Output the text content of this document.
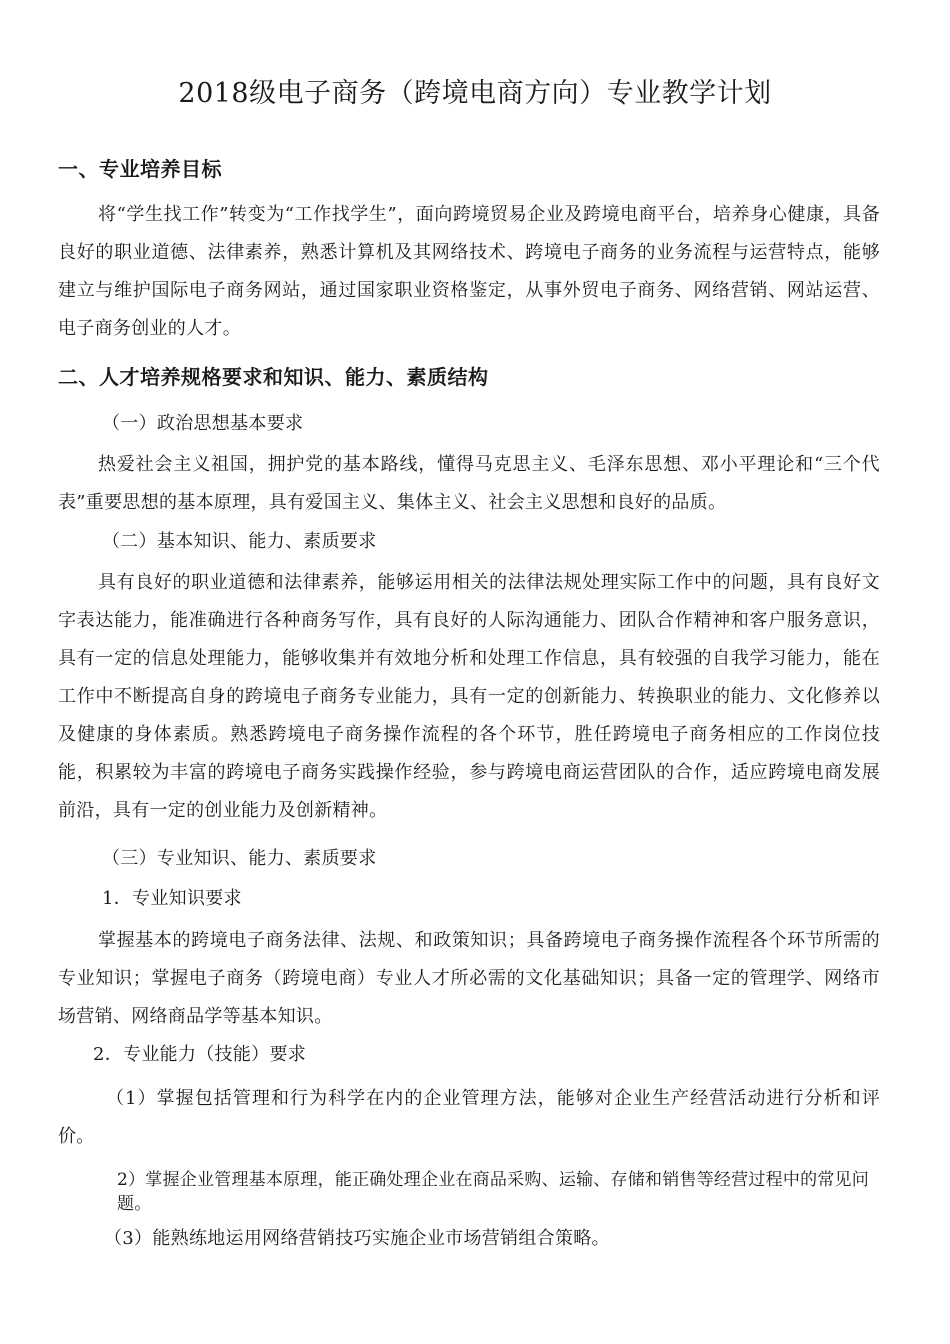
2018级电子商务（跨境电商方向）专业教学计划
一、专业培养目标

将“学生找工作”转变为“工作找学生”，面向跨境贸易企业及跨境电商平台，培养身心健康，具备良好的职业道德、法律素养，熟悉计算机及其网络技术、跨境电子商务的业务流程与运营特点，能够建立与维护国际电子商务网站，通过国家职业资格鉴定，从事外贸电子商务、网络营销、网站运营、电子商务创业的人才。

二、人才培养规格要求和知识、能力、素质结构

（一）政治思想基本要求

热爱社会主义祖国，拥护党的基本路线，懂得马克思主义、毛泽东思想、邓小平理论和“三个代表”重要思想的基本原理，具有爱国主义、集体主义、社会主义思想和良好的品质。

（二）基本知识、能力、素质要求

具有良好的职业道德和法律素养，能够运用相关的法律法规处理实际工作中的问题，具有良好文字表达能力，能准确进行各种商务写作，具有良好的人际沟通能力、团队合作精神和客户服务意识，具有一定的信息处理能力，能够收集并有效地分析和处理工作信息，具有较强的自我学习能力，能在工作中不断提高自身的跨境电子商务专业能力，具有一定的创新能力、转换职业的能力、文化修养以及健康的身体素质。熟悉跨境电子商务操作流程的各个环节，胜任跨境电子商务相应的工作岗位技能，积累较为丰富的跨境电子商务实践操作经验，参与跨境电商运营团队的合作，适应跨境电商发展前沿，具有一定的创业能力及创新精神。

（三）专业知识、能力、素质要求

1．专业知识要求

掌握基本的跨境电子商务法律、法规、和政策知识；具备跨境电子商务操作流程各个环节所需的专业知识；掌握电子商务（跨境电商）专业人才所必需的文化基础知识；具备一定的管理学、网络市场营销、网络商品学等基本知识。

2．专业能力（技能）要求

（1）掌握包括管理和行为科学在内的企业管理方法，能够对企业生产经营活动进行分析和评价。

2）掌握企业管理基本原理，能正确处理企业在商品采购、运输、存储和销售等经营过程中的常见问题。

（3）能熟练地运用网络营销技巧实施企业市场营销组合策略。
